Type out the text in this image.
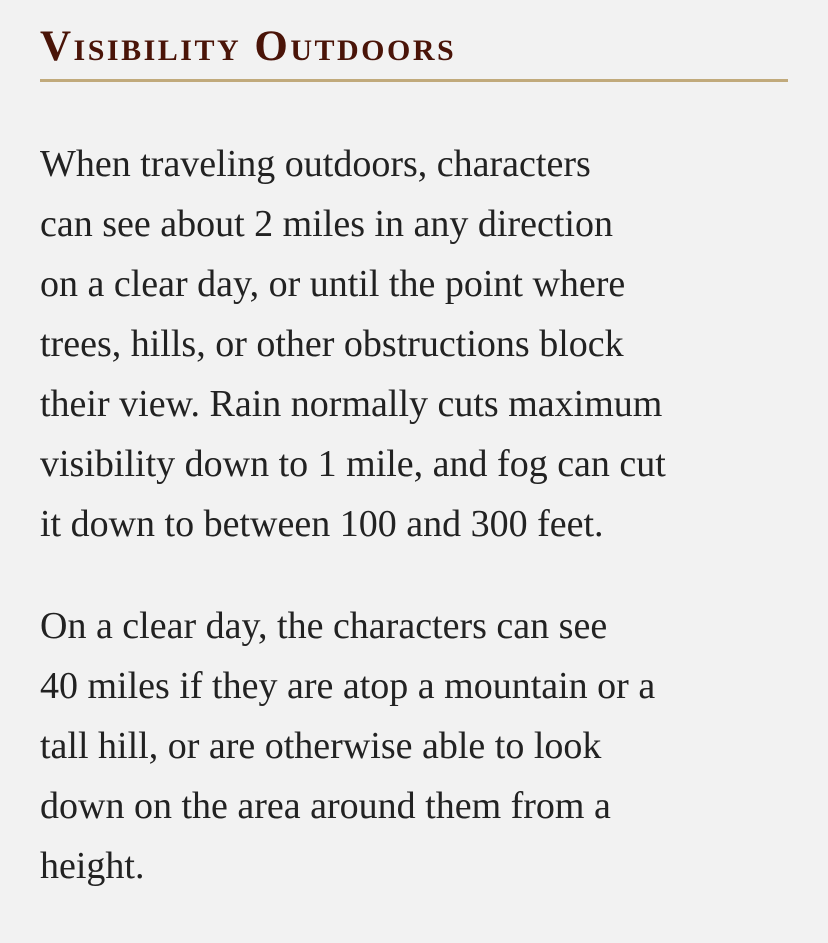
Visibility Outdoors

When traveling outdoors, characters
can see about 2 miles in any direction
on a clear day, or until the point where
trees, hills, or other obstructions block
their view. Rain normally cuts maximum
visibility down to 1 mile, and fog can cut
it down to between 100 and 300 feet.

On a clear day, the characters can see
40 miles if they are atop a mountain or a
tall hill, or are otherwise able to look
down on the area around them from a
height.
